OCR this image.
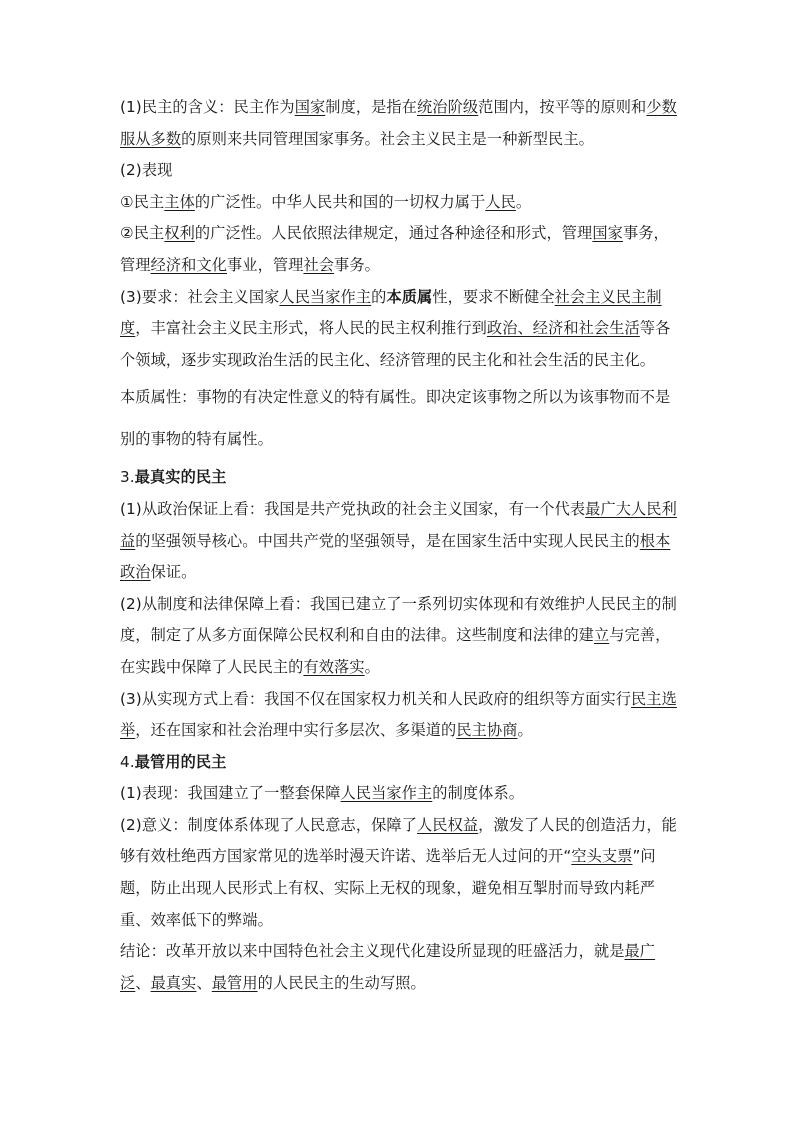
(1)民主的含义：民主作为国家制度，是指在统治阶级范围内，按平等的原则和少数服从多数的原则来共同管理国家事务。社会主义民主是一种新型民主。

(2)表现

①民主主体的广泛性。中华人民共和国的一切权力属于人民。

②民主权利的广泛性。人民依照法律规定，通过各种途径和形式，管理国家事务，管理经济和文化事业，管理社会事务。

(3)要求：社会主义国家人民当家作主的本质属性，要求不断健全社会主义民主制度，丰富社会主义民主形式，将人民的民主权利推行到政治、经济和社会生活等各个领域，逐步实现政治生活的民主化、经济管理的民主化和社会生活的民主化。

本质属性：事物的有决定性意义的特有属性。即决定该事物之所以为该事物而不是别的事物的特有属性。

3.最真实的民主

(1)从政治保证上看：我国是共产党执政的社会主义国家，有一个代表最广大人民利益的坚强领导核心。中国共产党的坚强领导，是在国家生活中实现人民民主的根本政治保证。

(2)从制度和法律保障上看：我国已建立了一系列切实体现和有效维护人民民主的制度，制定了从多方面保障公民权利和自由的法律。这些制度和法律的建立与完善，在实践中保障了人民民主的有效落实。

(3)从实现方式上看：我国不仅在国家权力机关和人民政府的组织等方面实行民主选举，还在国家和社会治理中实行多层次、多渠道的民主协商。

4.最管用的民主

(1)表现：我国建立了一整套保障人民当家作主的制度体系。

(2)意义：制度体系体现了人民意志，保障了人民权益，激发了人民的创造活力，能够有效杜绝西方国家常见的选举时漫天许诺、选举后无人过问的开“空头支票”问题，防止出现人民形式上有权、实际上无权的现象，避免相互掣肘而导致内耗严重、效率低下的弊端。

结论：改革开放以来中国特色社会主义现代化建设所显现的旺盛活力，就是最广泛、最真实、最管用的人民民主的生动写照。
